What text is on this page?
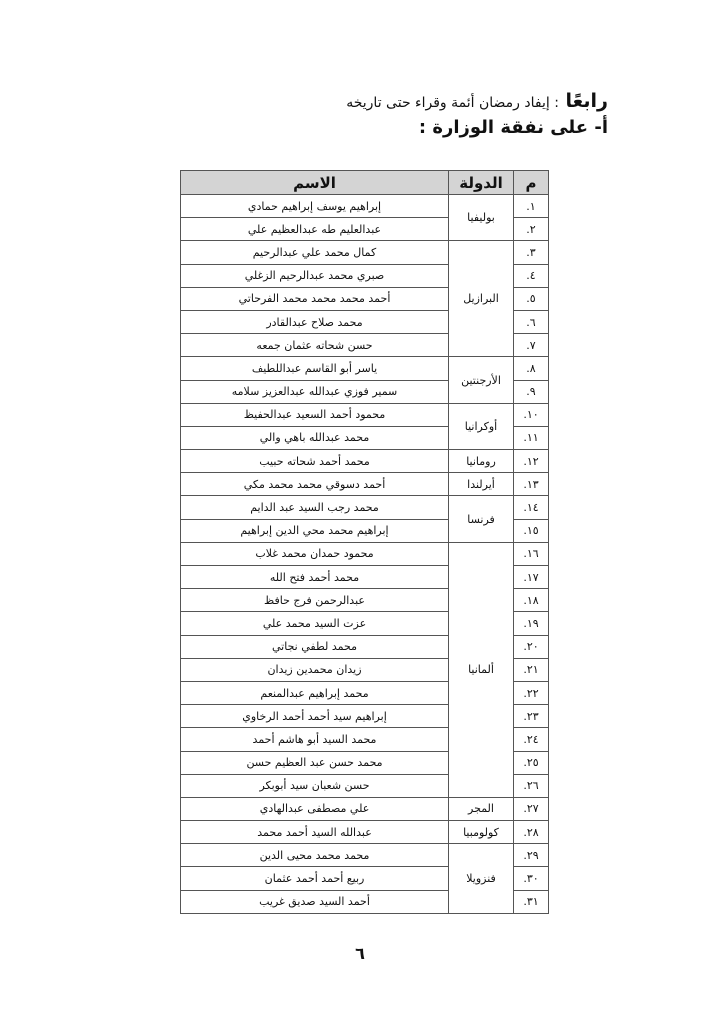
رابعًا : إيفاد رمضان أئمة وقراء حتى تاريخه
أ- على نفقة الوزارة :
م	الدولة	الاسم
١.	بوليفيا	إبراهيم يوسف إبراهيم حمادي
٢.		عبدالعليم طه عبدالعظيم علي
٣.	البرازيل	كمال محمد علي عبدالرحيم
٤.		صبري محمد عبدالرحيم الزغلي
٥.		أحمد محمد محمد محمد الفرحاتي
٦.		محمد صلاح عبدالقادر
٧.		حسن شحاته عثمان جمعه
٨.	الأرجنتين	ياسر أبو القاسم عبداللطيف
٩.		سمير فوزي عبدالله عبدالعزيز سلامه
١٠.	أوكرانيا	محمود أحمد السعيد عبدالحفيظ
١١.		محمد عبدالله باهي والي
١٢.	رومانيا	محمد أحمد شحاته حبيب
١٣.	أيرلندا	أحمد دسوقي محمد محمد مكي
١٤.	فرنسا	محمد رجب السيد عبد الدايم
١٥.		إبراهيم محمد محي الدين إبراهيم
١٦.	ألمانيا	محمود حمدان محمد غلاب
١٧.		محمد أحمد فتح الله
١٨.		عبدالرحمن فرج حافظ
١٩.		عزت السيد محمد علي
٢٠.		محمد لطفي نجاتي
٢١.		زيدان محمدين زيدان
٢٢.		محمد إبراهيم عبدالمنعم
٢٣.		إبراهيم سيد أحمد أحمد الرخاوي
٢٤.		محمد السيد أبو هاشم أحمد
٢٥.		محمد حسن عبد العظيم حسن
٢٦.		حسن شعبان سيد أبوبكر
٢٧.	المجر	علي مصطفى عبدالهادي
٢٨.	كولومبيا	عبدالله السيد أحمد محمد
٢٩.	فنزويلا	محمد محمد محيى الدين
٣٠.		ربيع أحمد أحمد عثمان
٣١.		أحمد السيد صديق غريب
٦
